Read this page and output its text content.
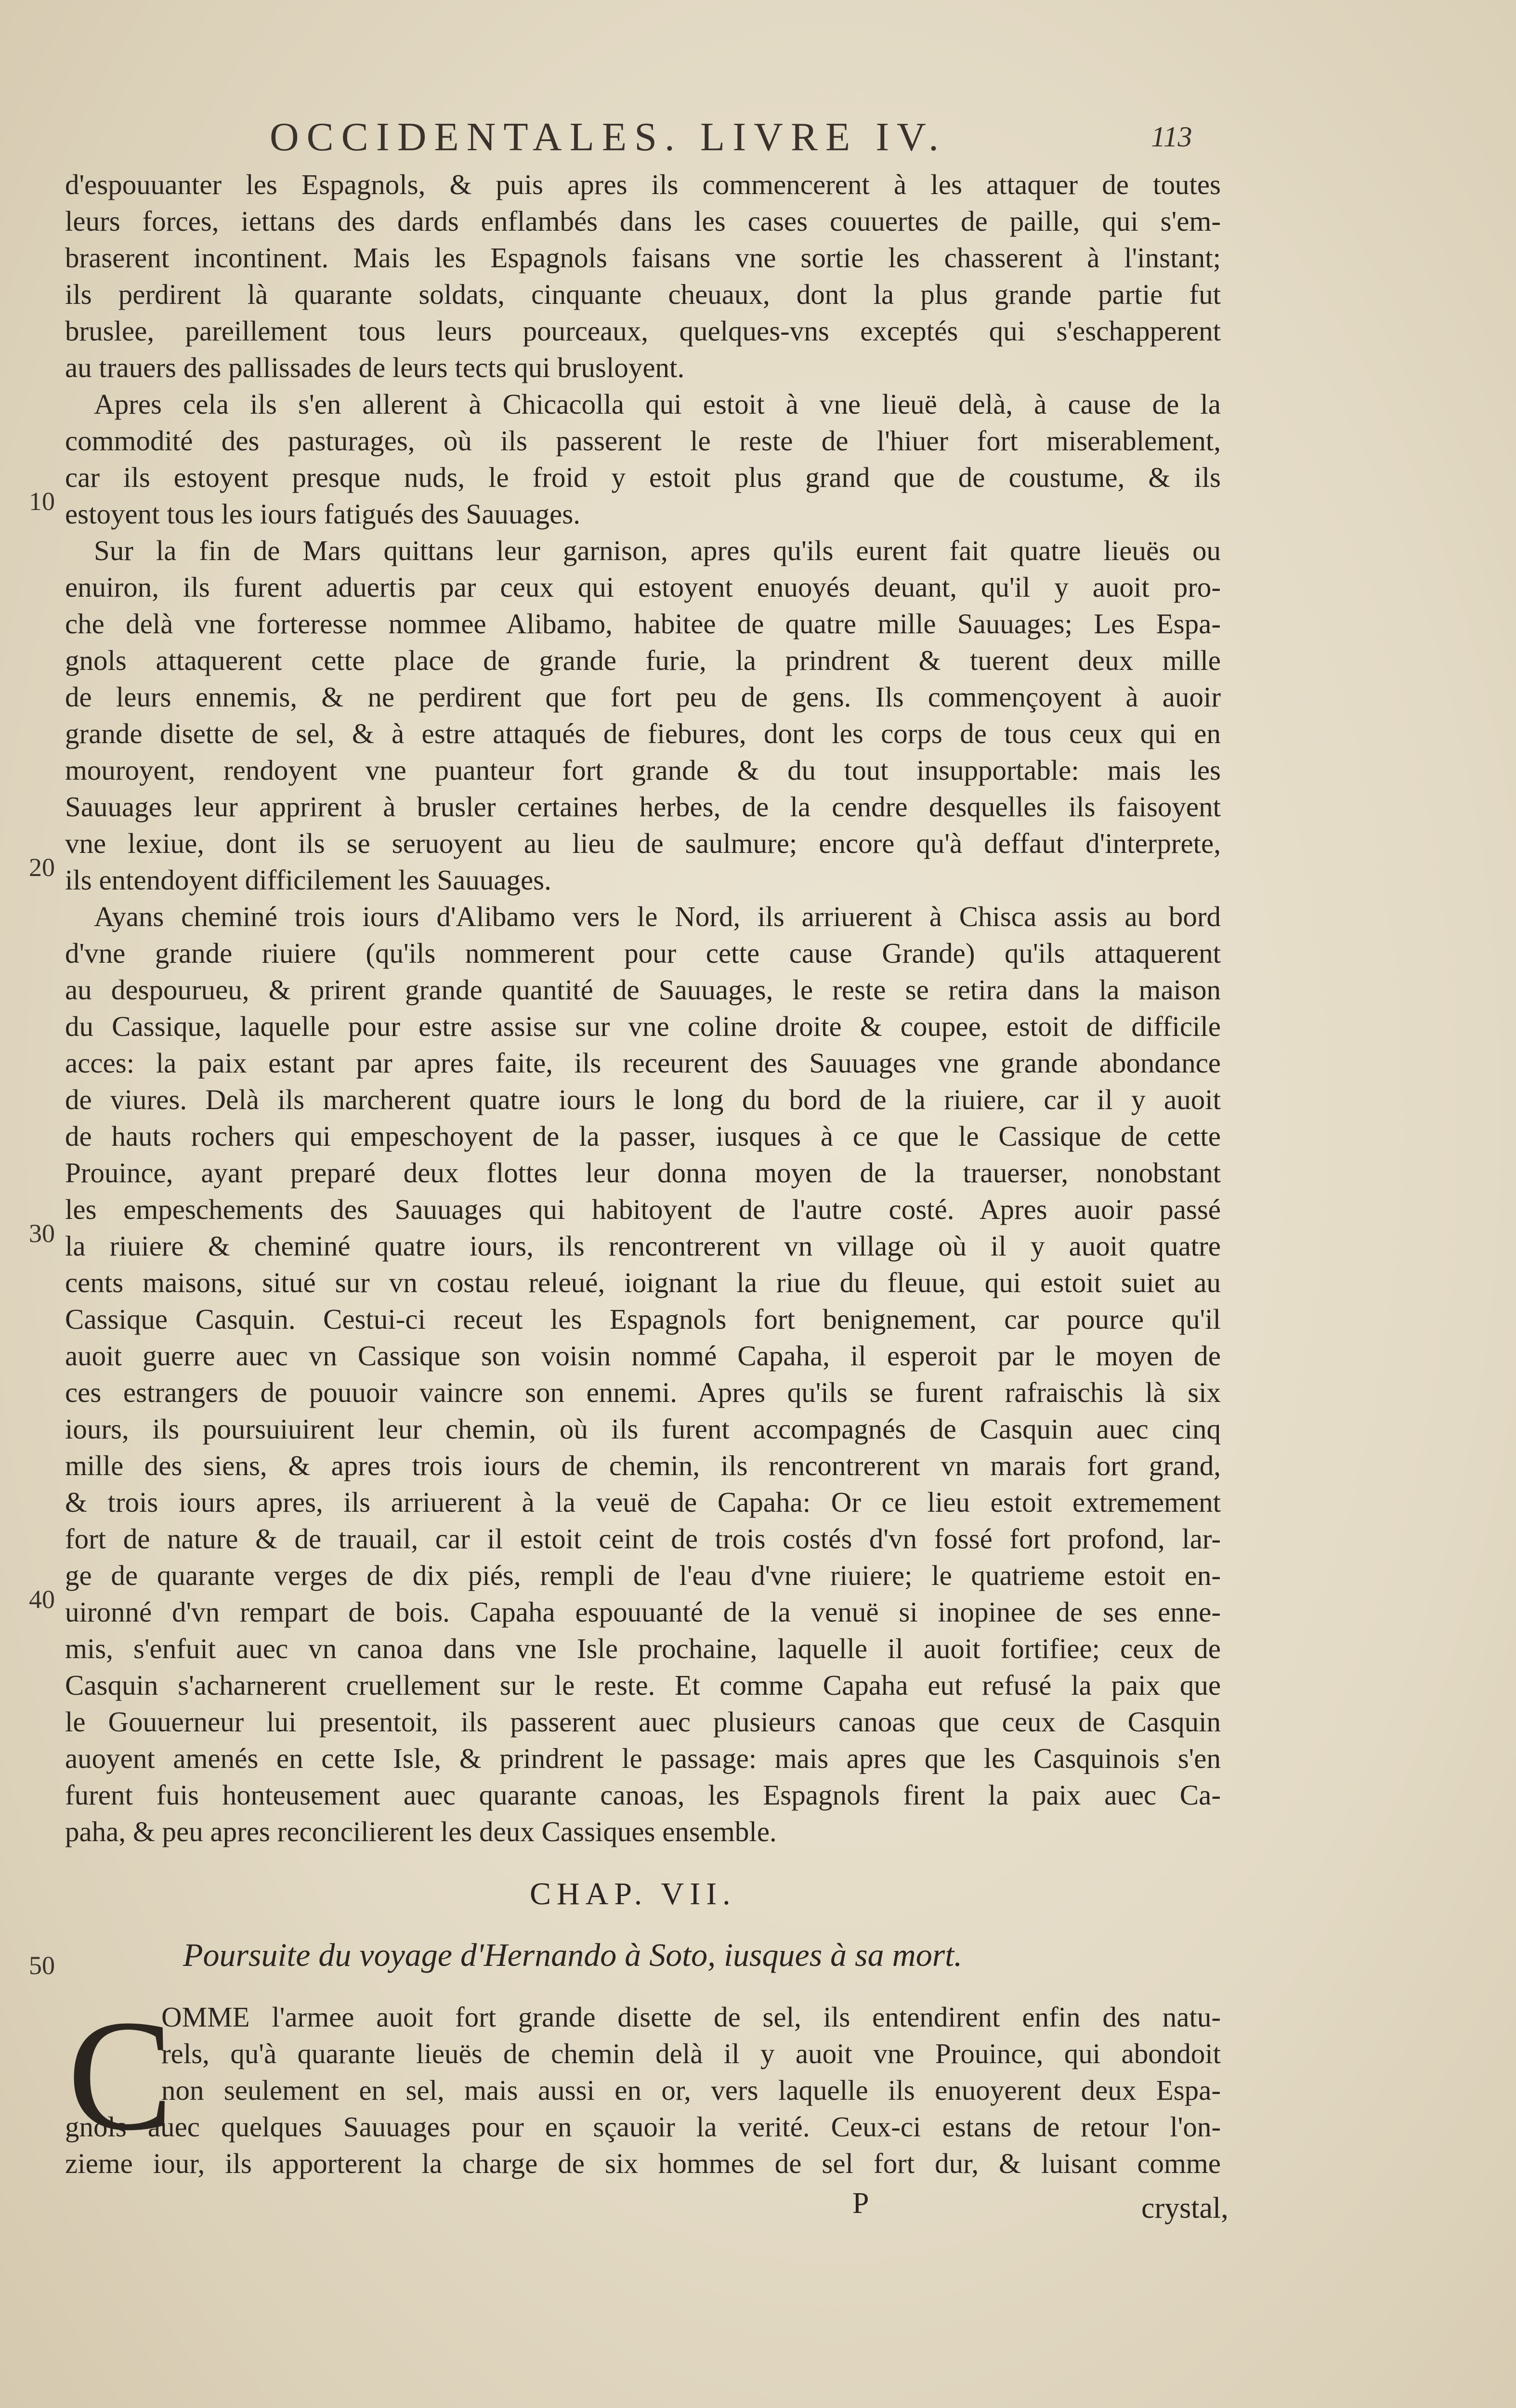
OCCIDENTALES. LIVRE IV.	113
10
20
30
40
50
d'espouuanter les Espagnols, & puis apres ils commencerent à les attaquer de toutes
leurs forces, iettans des dards enflambés dans les cases couuertes de paille, qui s'em-
braserent incontinent. Mais les Espagnols faisans vne sortie les chasserent à l'instant;
ils perdirent là quarante soldats, cinquante cheuaux, dont la plus grande partie fut
bruslee, pareillement tous leurs pourceaux, quelques-vns exceptés qui s'eschapperent
au trauers des pallissades de leurs tects qui brusloyent.
Apres cela ils s'en allerent à Chicacolla qui estoit à vne lieuë delà, à cause de la
commodité des pasturages, où ils passerent le reste de l'hiuer fort miserablement,
car ils estoyent presque nuds, le froid y estoit plus grand que de coustume, & ils
estoyent tous les iours fatigués des Sauuages.
Sur la fin de Mars quittans leur garnison, apres qu'ils eurent fait quatre lieuës ou
enuiron, ils furent aduertis par ceux qui estoyent enuoyés deuant, qu'il y auoit pro-
che delà vne forteresse nommee Alibamo, habitee de quatre mille Sauuages; Les Espa-
gnols attaquerent cette place de grande furie, la prindrent & tuerent deux mille
de leurs ennemis, & ne perdirent que fort peu de gens. Ils commençoyent à auoir
grande disette de sel, & à estre attaqués de fiebures, dont les corps de tous ceux qui en
mouroyent, rendoyent vne puanteur fort grande & du tout insupportable: mais les
Sauuages leur apprirent à brusler certaines herbes, de la cendre desquelles ils faisoyent
vne lexiue, dont ils se seruoyent au lieu de saulmure; encore qu'à deffaut d'interprete,
ils entendoyent difficilement les Sauuages.
Ayans cheminé trois iours d'Alibamo vers le Nord, ils arriuerent à Chisca assis au bord
d'vne grande riuiere (qu'ils nommerent pour cette cause Grande) qu'ils attaquerent
au despourueu, & prirent grande quantité de Sauuages, le reste se retira dans la maison
du Cassique, laquelle pour estre assise sur vne coline droite & coupee, estoit de difficile
acces: la paix estant par apres faite, ils receurent des Sauuages vne grande abondance
de viures. Delà ils marcherent quatre iours le long du bord de la riuiere, car il y auoit
de hauts rochers qui empeschoyent de la passer, iusques à ce que le Cassique de cette
Prouince, ayant preparé deux flottes leur donna moyen de la trauerser, nonobstant
les empeschements des Sauuages qui habitoyent de l'autre costé. Apres auoir passé
la riuiere & cheminé quatre iours, ils rencontrerent vn village où il y auoit quatre
cents maisons, situé sur vn costau releué, ioignant la riue du fleuue, qui estoit suiet au
Cassique Casquin. Cestui-ci receut les Espagnols fort benignement, car pource qu'il
auoit guerre auec vn Cassique son voisin nommé Capaha, il esperoit par le moyen de
ces estrangers de pouuoir vaincre son ennemi. Apres qu'ils se furent rafraischis là six
iours, ils poursuiuirent leur chemin, où ils furent accompagnés de Casquin auec cinq
mille des siens, & apres trois iours de chemin, ils rencontrerent vn marais fort grand,
& trois iours apres, ils arriuerent à la veuë de Capaha: Or ce lieu estoit extremement
fort de nature & de trauail, car il estoit ceint de trois costés d'vn fossé fort profond, lar-
ge de quarante verges de dix piés, rempli de l'eau d'vne riuiere; le quatrieme estoit en-
uironné d'vn rempart de bois. Capaha espouuanté de la venuë si inopinee de ses enne-
mis, s'enfuit auec vn canoa dans vne Isle prochaine, laquelle il auoit fortifiee; ceux de
Casquin s'acharnerent cruellement sur le reste. Et comme Capaha eut refusé la paix que
le Gouuerneur lui presentoit, ils passerent auec plusieurs canoas que ceux de Casquin
auoyent amenés en cette Isle, & prindrent le passage: mais apres que les Casquinois s'en
furent fuis honteusement auec quarante canoas, les Espagnols firent la paix auec Ca-
paha, & peu apres reconcilierent les deux Cassiques ensemble.
CHAP. VII.
Poursuite du voyage d'Hernando à Soto, iusques à sa mort.
C
OMME l'armee auoit fort grande disette de sel, ils entendirent enfin des natu-
rels, qu'à quarante lieuës de chemin delà il y auoit vne Prouince, qui abondoit
non seulement en sel, mais aussi en or, vers laquelle ils enuoyerent deux Espa-
gnols auec quelques Sauuages pour en sçauoir la verité. Ceux-ci estans de retour l'on-
zieme iour, ils apporterent la charge de six hommes de sel fort dur, & luisant comme
P	crystal,
